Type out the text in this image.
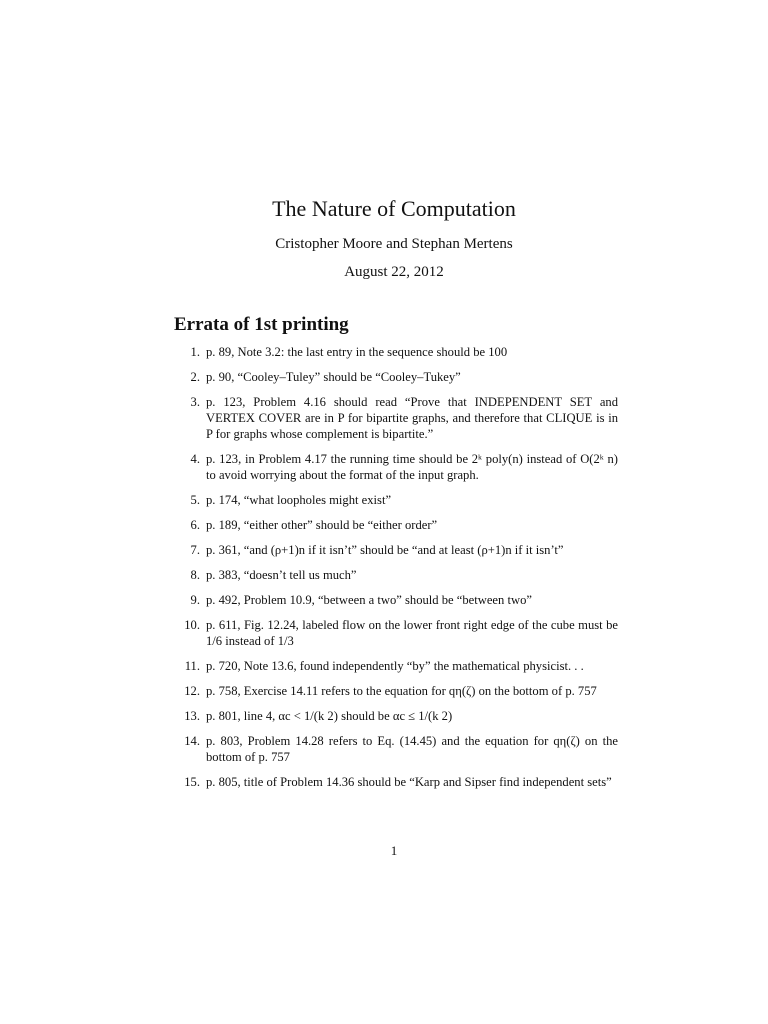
The Nature of Computation
Cristopher Moore and Stephan Mertens
August 22, 2012
Errata of 1st printing
1. p. 89, Note 3.2: the last entry in the sequence should be 100
2. p. 90, “Cooley–Tuley” should be “Cooley–Tukey”
3. p. 123, Problem 4.16 should read “Prove that INDEPENDENT SET and VERTEX COVER are in P for bipartite graphs, and therefore that CLIQUE is in P for graphs whose complement is bipartite.”
4. p. 123, in Problem 4.17 the running time should be 2ᵏ poly(n) instead of O(2ᵏ n) to avoid worrying about the format of the input graph.
5. p. 174, “what loopholes might exist”
6. p. 189, “either other” should be “either order”
7. p. 361, “and (ρ+1)n if it isn’t” should be “and at least (ρ+1)n if it isn’t”
8. p. 383, “doesn’t tell us much”
9. p. 492, Problem 10.9, “between a two” should be “between two”
10. p. 611, Fig. 12.24, labeled flow on the lower front right edge of the cube must be 1/6 instead of 1/3
11. p. 720, Note 13.6, found independently “by” the mathematical physicist. . .
12. p. 758, Exercise 14.11 refers to the equation for qη(ζ) on the bottom of p. 757
13. p. 801, line 4, αc < 1/(k 2) should be αc ≤ 1/(k 2)
14. p. 803, Problem 14.28 refers to Eq. (14.45) and the equation for qη(ζ) on the bottom of p. 757
15. p. 805, title of Problem 14.36 should be “Karp and Sipser find independent sets”
1
